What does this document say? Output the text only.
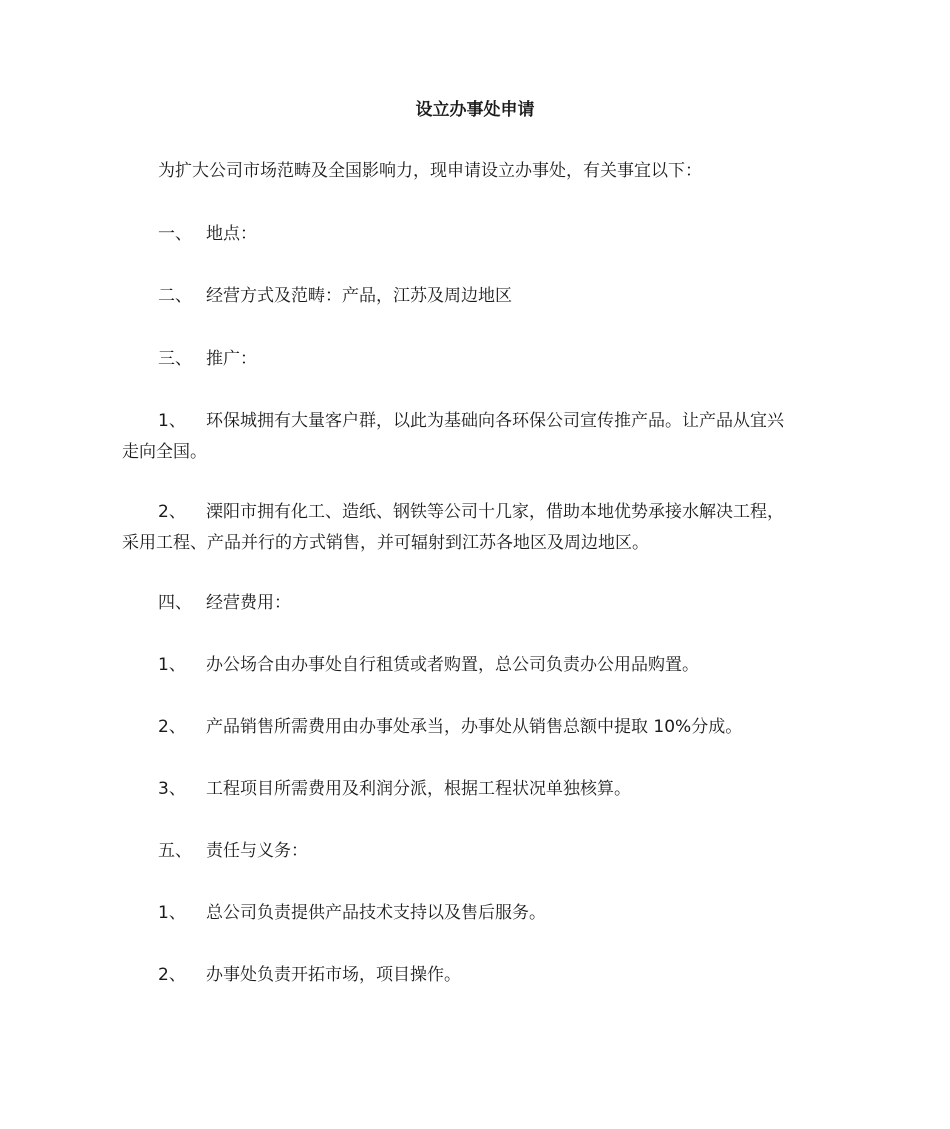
设立办事处申请
为扩大公司市场范畴及全国影响力，现申请设立办事处，有关事宜以下：
一、 地点：
二、 经营方式及范畴：产品，江苏及周边地区
三、 推广：
1、 环保城拥有大量客户群，以此为基础向各环保公司宣传推产品。让产品从宜兴
走向全国。
2、 溧阳市拥有化工、造纸、钢铁等公司十几家，借助本地优势承接水解决工程，
采用工程、产品并行的方式销售，并可辐射到江苏各地区及周边地区。
四、 经营费用：
1、 办公场合由办事处自行租赁或者购置，总公司负责办公用品购置。
2、 产品销售所需费用由办事处承当，办事处从销售总额中提取 10%分成。
3、 工程项目所需费用及利润分派，根据工程状况单独核算。
五、 责任与义务：
1、 总公司负责提供产品技术支持以及售后服务。
2、 办事处负责开拓市场，项目操作。
